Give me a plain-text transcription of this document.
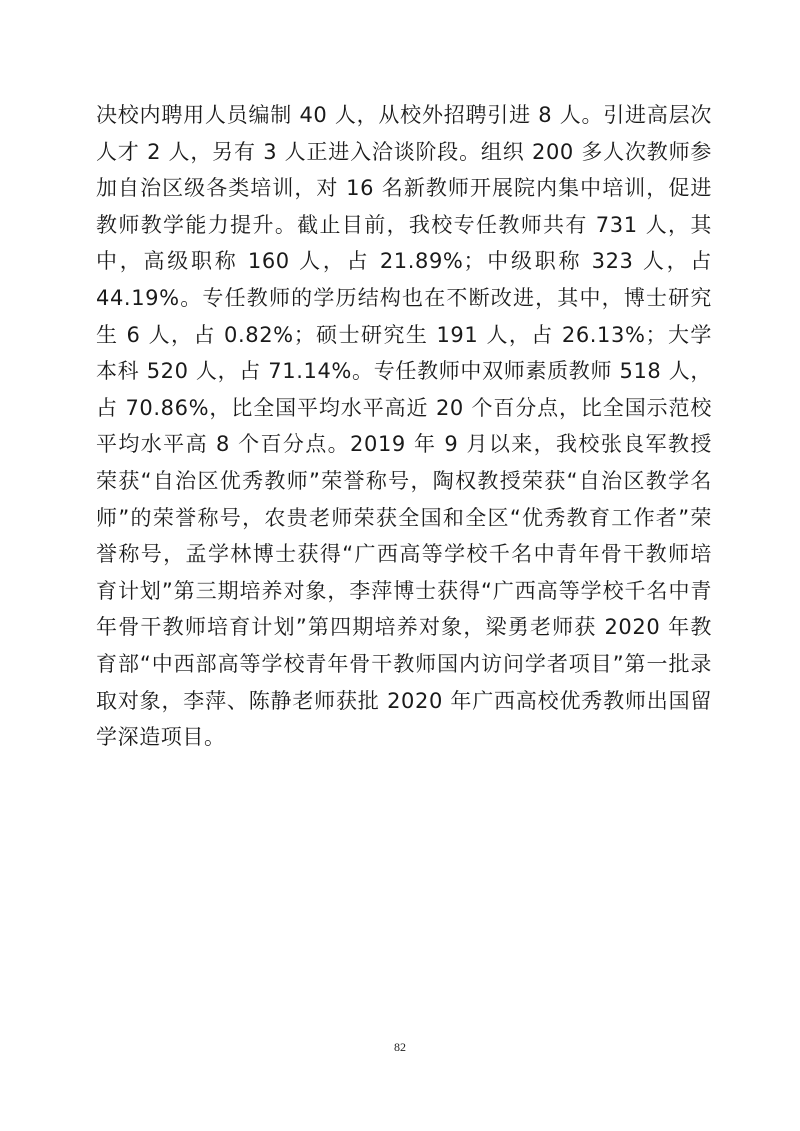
决校内聘用人员编制 40 人，从校外招聘引进 8 人。引进高层次人才 2 人，另有 3 人正进入洽谈阶段。组织 200 多人次教师参加自治区级各类培训，对 16 名新教师开展院内集中培训，促进教师教学能力提升。截止目前，我校专任教师共有 731 人，其中，高级职称 160 人，占 21.89%；中级职称 323 人，占 44.19%。专任教师的学历结构也在不断改进，其中，博士研究生 6 人，占 0.82%；硕士研究生 191 人，占 26.13%；大学本科 520 人，占 71.14%。专任教师中双师素质教师 518 人，占 70.86%，比全国平均水平高近 20 个百分点，比全国示范校平均水平高 8 个百分点。2019 年 9 月以来，我校张良军教授荣获“自治区优秀教师”荣誉称号，陶权教授荣获“自治区教学名师”的荣誉称号，农贵老师荣获全国和全区“优秀教育工作者”荣誉称号，孟学林博士获得“广西高等学校千名中青年骨干教师培育计划”第三期培养对象，李萍博士获得“广西高等学校千名中青年骨干教师培育计划”第四期培养对象，梁勇老师获 2020 年教育部“中西部高等学校青年骨干教师国内访问学者项目”第一批录取对象，李萍、陈静老师获批 2020 年广西高校优秀教师出国留学深造项目。

82
